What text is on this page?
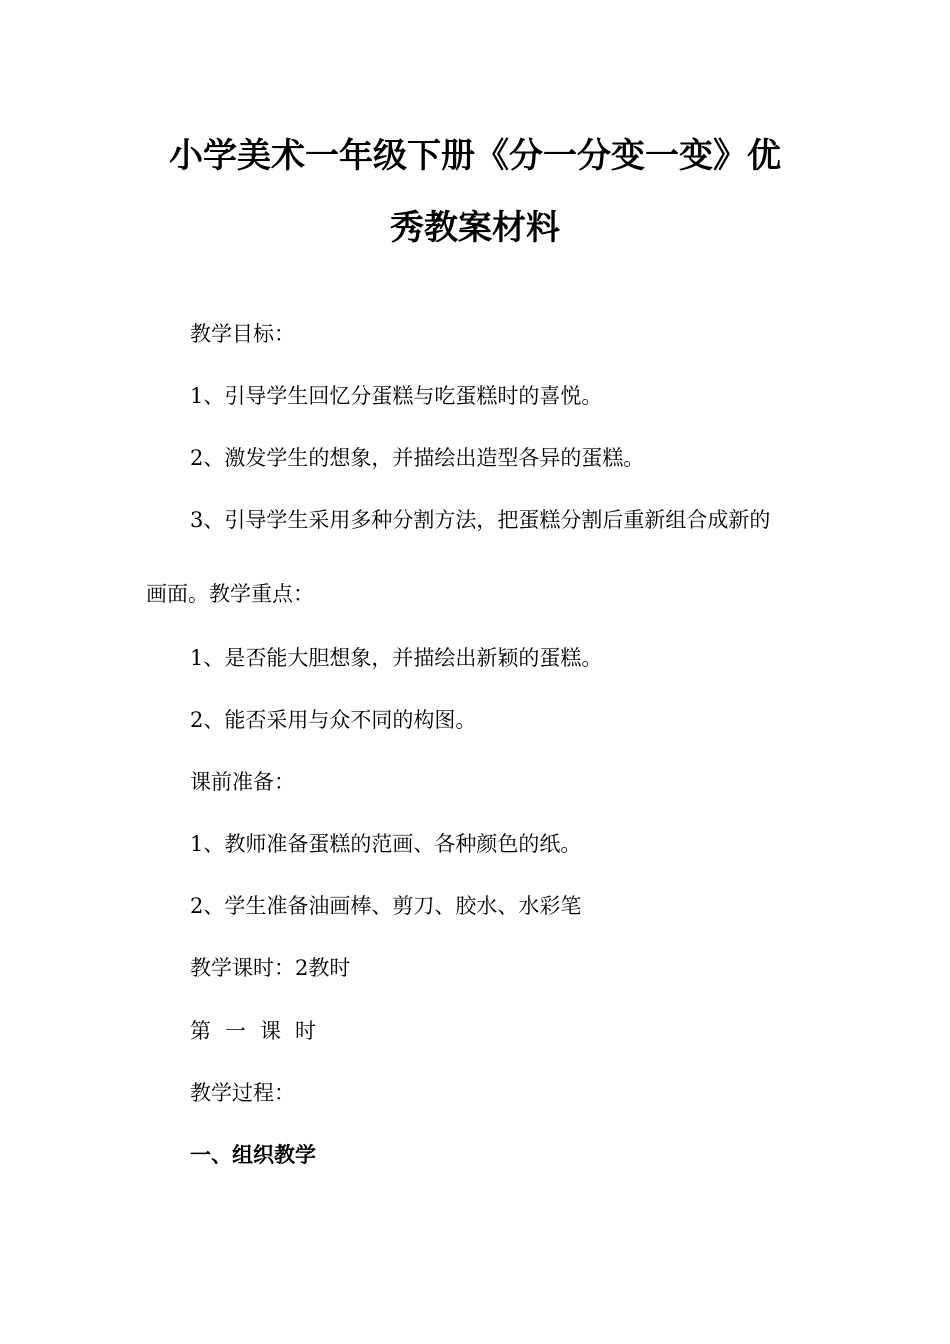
小学美术一年级下册《分一分变一变》优
秀教案材料
教学目标：
1、引导学生回忆分蛋糕与吃蛋糕时的喜悦。
2、激发学生的想象，并描绘出造型各异的蛋糕。
3、引导学生采用多种分割方法，把蛋糕分割后重新组合成新的
画面。教学重点：
1、是否能大胆想象，并描绘出新颖的蛋糕。
2、能否采用与众不同的构图。
课前准备：
1、教师准备蛋糕的范画、各种颜色的纸。
2、学生准备油画棒、剪刀、胶水、水彩笔
教学课时：2教时
第一课时
教学过程：
一、组织教学
